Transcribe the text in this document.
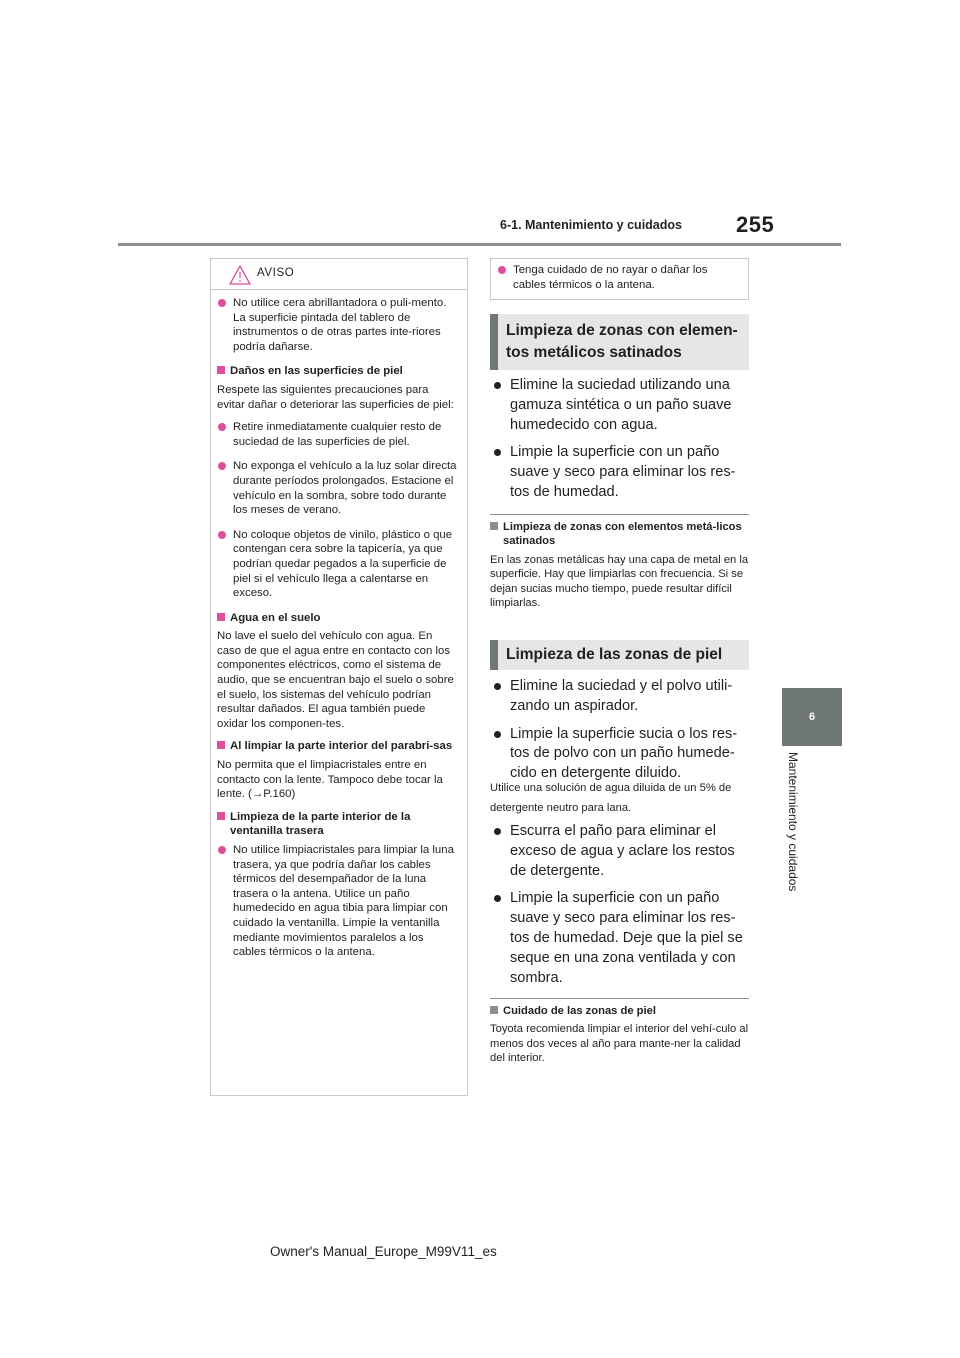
6-1. Mantenimiento y cuidados 255
6
Mantenimiento y cuidados
AVISO
No utilice cera abrillantadora o puli-mento. La superficie pintada del tablero de instrumentos o de otras partes inte-riores podría dañarse.
Daños en las superficies de piel

Respete las siguientes precauciones para evitar dañar o deteriorar las superficies de piel:

Retire inmediatamente cualquier resto de suciedad de las superficies de piel.
No exponga el vehículo a la luz solar directa durante períodos prolongados. Estacione el vehículo en la sombra, sobre todo durante los meses de verano.
No coloque objetos de vinilo, plástico o que contengan cera sobre la tapicería, ya que podrían quedar pegados a la superficie de piel si el vehículo llega a calentarse en exceso.
Agua en el suelo

No lave el suelo del vehículo con agua. En caso de que el agua entre en contacto con los componentes eléctricos, como el sistema de audio, que se encuentran bajo el suelo o sobre el suelo, los sistemas del vehículo podrían resultar dañados. El agua también puede oxidar los componen-tes.

Al limpiar la parte interior del parabri-sas

No permita que el limpiacristales entre en contacto con la lente. Tampoco debe tocar la lente. (→P.160)

Limpieza de la parte interior de la ventanilla trasera
No utilice limpiacristales para limpiar la luna trasera, ya que podría dañar los cables térmicos del desempañador de la luna trasera o la antena. Utilice un paño humedecido en agua tibia para limpiar con cuidado la ventanilla. Limpie la ventanilla mediante movimientos paralelos a los cables térmicos o la antena.
Tenga cuidado de no rayar o dañar los cables térmicos o la antena.
Limpieza de zonas con elemen-tos metálicos satinados
Elimine la suciedad utilizando una gamuza sintética o un paño suave humedecido con agua.
Limpie la superficie con un paño suave y seco para eliminar los res-tos de humedad.
Limpieza de zonas con elementos metá-licos satinados
En las zonas metálicas hay una capa de metal en la superficie. Hay que limpiarlas con frecuencia. Si se dejan sucias mucho tiempo, puede resultar difícil limpiarlas.
Limpieza de las zonas de piel
Elimine la suciedad y el polvo utili-zando un aspirador.
Limpie la superficie sucia o los res-tos de polvo con un paño humede-cido en detergente diluido.
Utilice una solución de agua diluida de un 5% de detergente neutro para lana.
Escurra el paño para eliminar el exceso de agua y aclare los restos de detergente.
Limpie la superficie con un paño suave y seco para eliminar los res-tos de humedad. Deje que la piel se seque en una zona ventilada y con sombra.
Cuidado de las zonas de piel
Toyota recomienda limpiar el interior del vehí-culo al menos dos veces al año para mante-ner la calidad del interior.
Owner's Manual_Europe_M99V11_es
